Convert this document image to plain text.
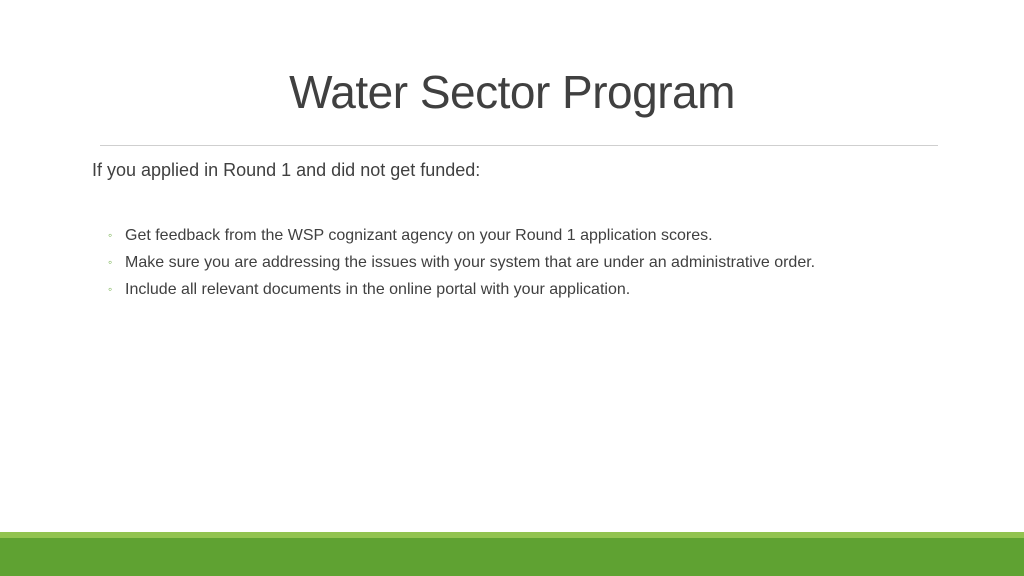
Water Sector Program
If you applied in Round 1 and did not get funded:
◦ Get feedback from the WSP cognizant agency on your Round 1 application scores.
◦ Make sure you are addressing the issues with your system that are under an administrative order.
◦ Include all relevant documents in the online portal with your application.
